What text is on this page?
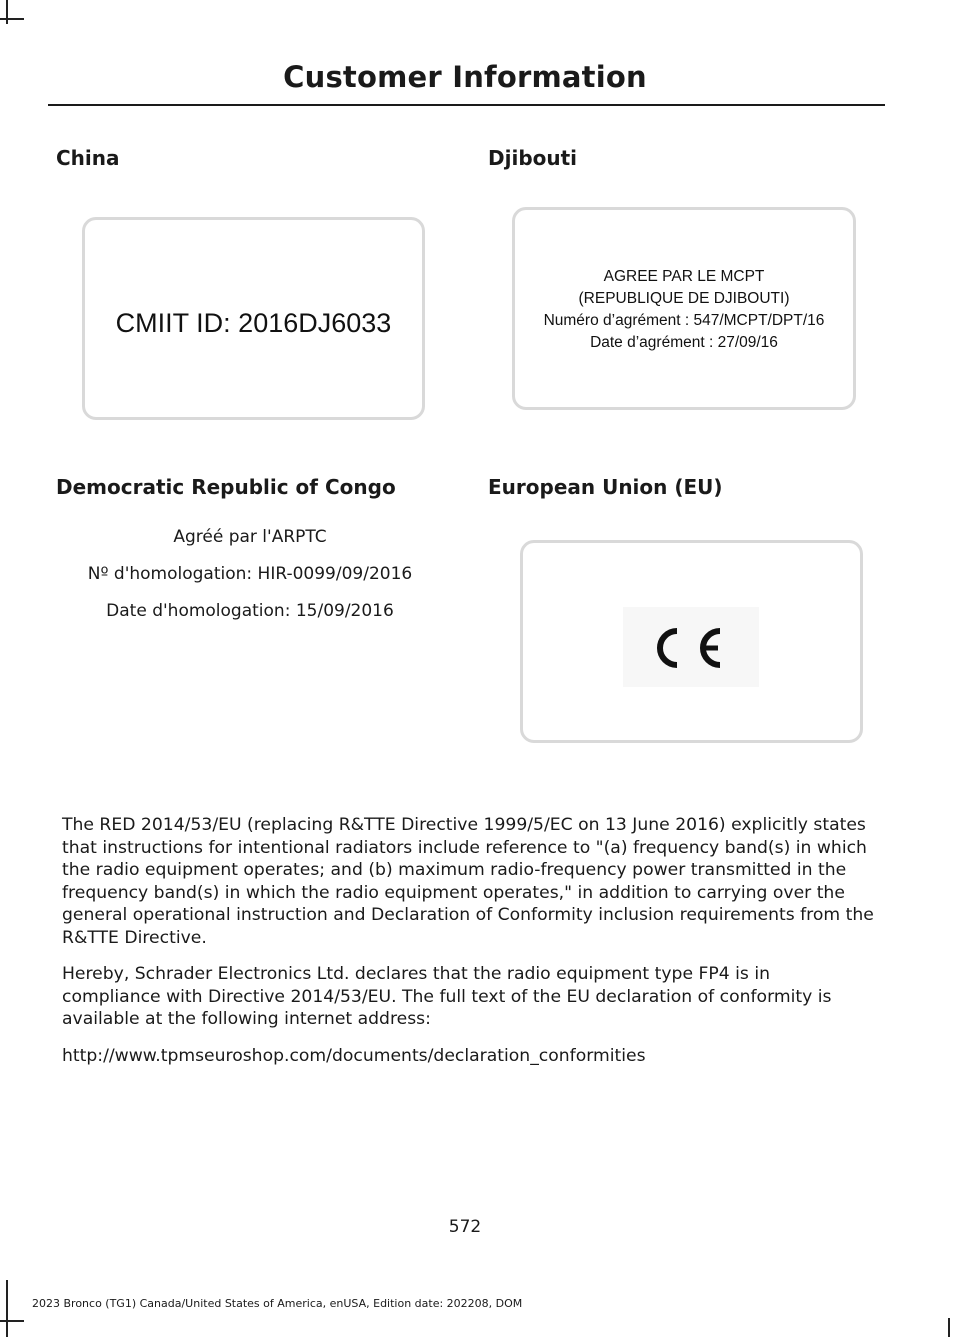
Customer Information
China
CMIIT ID: 2016DJ6033
Djibouti
AGREE PAR LE MCPT
(REPUBLIQUE DE DJIBOUTI)
Numéro d’agrément : 547/MCPT/DPT/16
Date d’agrément : 27/09/16
Democratic Republic of Congo
Agréé par l'ARPTC
Nº d'homologation: HIR-0099/09/2016
Date d'homologation: 15/09/2016
European Union (EU)

The RED 2014/53/EU (replacing R&TTE Directive 1999/5/EC on 13 June 2016) explicitly states that instructions for intentional radiators include reference to "(a) frequency band(s) in which the radio equipment operates; and (b) maximum radio-frequency power transmitted in the frequency band(s) in which the radio equipment operates," in addition to carrying over the general operational instruction and Declaration of Conformity inclusion requirements from the R&TTE Directive.

Hereby, Schrader Electronics Ltd. declares that the radio equipment type FP4 is in compliance with Directive 2014/53/EU. The full text of the EU declaration of conformity is available at the following internet address:

http://www.tpmseuroshop.com/documents/declaration_conformities

572
2023 Bronco (TG1) Canada/United States of America, enUSA, Edition date: 202208, DOM
